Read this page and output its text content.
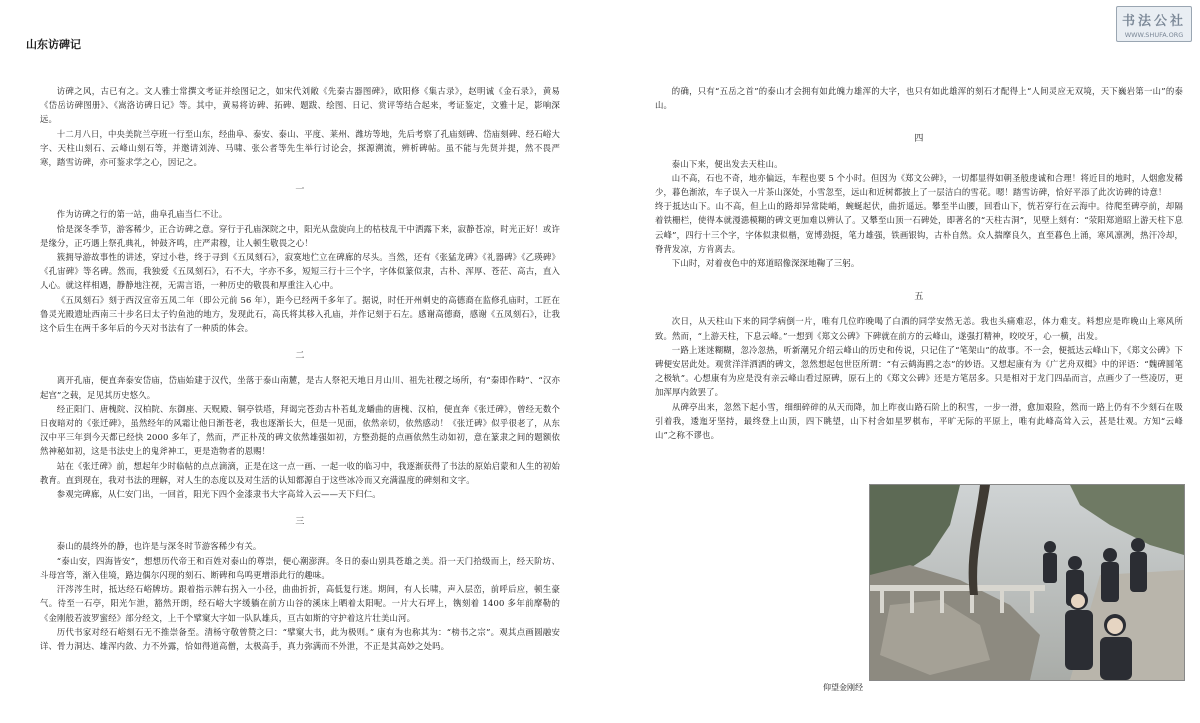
书法公社
WWW.SHUFA.ORG
山东访碑记

访碑之风，古已有之。文人雅士常撰文考证并绘图记之，如宋代刘敞《先秦古器图碑》，欧阳修《集古录》，赵明诚《金石录》，黄易《岱岳访碑图册》、《嵩洛访碑日记》等。其中，黄易将访碑、拓碑、题跋、绘图、日记、赏评等结合起来，考证鉴定，文雅十足，影响深远。

十二月八日，中央美院兰亭班一行至山东，经曲阜、泰安、泰山、平度、莱州、潍坊等地，先后考察了孔庙刻碑、岱庙刻碑、经石峪大字、天柱山刻石、云峰山刻石等，并邀请刘涛、马啸、张公者等先生举行讨论会，探源溯流，辨析碑帖。虽不能与先贤并提，然不畏严寒，踏雪访碑，亦可鉴求学之心，因记之。

一

作为访碑之行的第一站，曲阜孔庙当仁不让。

恰是深冬季节，游客稀少，正合访碑之意。穿行于孔庙深院之中，阳光从盘旋向上的枯枝乱干中洒露下来，寂静苍凉，时光正好！或许是缘分，正巧遇上祭孔典礼，钟鼓齐鸣，庄严肃穆，让人顿生敬畏之心！

簇拥导游故事性的讲述，穿过小巷，终于寻到《五凤刻石》，寂寞地伫立在碑廊的尽头。当然，还有《张猛龙碑》《礼器碑》《乙瑛碑》《孔宙碑》等名碑。然而，我独爱《五凤刻石》，石不大，字亦不多，短短三行十三个字，字体似篆似隶，古朴、浑厚、苍茫、高古，直入人心。就这样相遇，静静地注视，无需言语，一种历史的敬畏和厚重注入心中。

《五凤刻石》刻于西汉宣帝五凤二年（即公元前 56 年），距今已经两千多年了。据说，时任开州刺史的高德裔在监修孔庙时，工匠在鲁灵光殿遗址西南三十步名曰太子钓鱼池的地方，发现此石，高氏将其移入孔庙，并作记刻于石左。感谢高德裔，感谢《五凤刻石》，让我这个后生在两千多年后的今天对书法有了一种质的体会。

二

离开孔庙，便直奔泰安岱庙，岱庙始建于汉代，坐落于泰山南麓，是古人祭祀天地日月山川、祖先社稷之场所，有“秦即作畤”、“汉亦起宫”之载，足见其历史悠久。

经正阳门、唐槐院、汉柏院、东御座、天贶殿、铜亭铁塔，拜谒完苍劲古朴若虬龙蟠曲的唐槐、汉柏，便直奔《张迁碑》，曾经无数个日夜暗对的《张迁碑》，虽然经年的风霜让他日渐苍老，我也逐渐长大，但是一见面，依然亲切，依然感动！《张迁碑》似乎很老了，从东汉中平三年到今天都已经快 2000 多年了，然而，严正朴茂的碑文依然雄强如初，方整劲挺的点画依然生动如初，意在篆隶之间的题额依然神秘如初，这是书法史上的鬼斧神工，更是造物者的恩赐！

站在《张迁碑》前，想起年少时临帖的点点滴滴，正是在这一点一画、一起一收的临习中，我逐渐获得了书法的原始启蒙和人生的初始教育。直到现在，我对书法的理解，对人生的态度以及对生活的认知都源自于这些冰冷而又充满温度的碑刻和文字。

参观完碑廊，从仁安门出，一回首，阳光下四个金漆隶书大字高耸入云——天下归仁。

三

泰山的晨终外的静，也许是与深冬时节游客稀少有关。

“泰山安，四海皆安”，想想历代帝王和百姓对泰山的尊崇，便心潮澎湃。冬日的泰山别具苍雄之美。沿一天门拾级而上，经天阶坊、斗母宫等，渐入佳境，路边偶尔闪现的刻石、断碑和鸟鸣更增添此行的趣味。

汗涔涔生时，抵达经石峪牌坊。跟着指示牌右拐入一小径，曲曲折折，高低复行迷。期间，有人长啸，声入层峦，前呼后应，顿生豪气。待至一石亭，阳光乍泄，豁然开朗，经石峪大字缓躺在前方山谷的溪床上晒着太阳呢。一片大石坪上，镌刻着 1400 多年前摩勒的《金刚般若波罗蜜经》部分经文，上千个擘窠大字如一队队雄兵，亘古如斯的守护着这片壮美山河。

历代书家对经石峪刻石无不推崇备至。清杨守敬曾赞之曰：“擘窠大书，此为极则。” 康有为也称其为：“榜书之宗”。观其点画圆融安详、骨力洞达、雄浑内敛、力不外露，恰如得道高僧，太极高手，真力弥满而不外泄，不正是其高妙之处吗。

的确，只有“五岳之首”的泰山才会拥有如此魄力雄浑的大字，也只有如此雄浑的刻石才配得上“人间灵应无双境，天下巍岩第一山”的泰山。

四

泰山下来，便出发去天柱山。

山不高，石也不奇，地亦偏远，车程也要 5 个小时。但因为《郑文公碑》，一切都显得如朝圣般虔诚和合理！将近目的地时，人烟愈发稀少，暮色渐浓，车子误入一片茶山深处，小雪忽至，远山和近树都披上了一层洁白的雪花。嗯！踏雪访碑，恰好平添了此次访碑的诗意！

终于抵达山下。山不高，但上山的路却异常陡峭，蜿蜒起伏，曲折遥远。攀至半山腰，回看山下，恍若穿行在云海中。待爬至碑亭前，却隔着铁栅栏，使得本就漫漶模糊的碑文更加难以辨认了。又攀至山顶一石碑处，即著名的“天柱古洞”，见壁上刻有：“荥阳郑道昭上游天柱下息云峰”，四行十三个字，字体似隶似楷，宽博劲挺，笔力雄强，铁画银钩，古朴自然。众人揣摩良久，直至暮色上涌，寒风凛冽，热汗冷却，脊背发凉，方肯离去。

下山时，对着夜色中的郑道昭像深深地鞠了三躬。

五

次日，从天柱山下来的同学病倒一片，唯有几位昨晚喝了白酒的同学安然无恙。我也头痛难忍，体力难支。料想应是昨晚山上寒风所致。然而，“上游天柱，下息云峰。”一想到《郑文公碑》下碑就在前方的云峰山，遂强打精神，咬咬牙，心一横，出发。

一路上迷迷糊糊，忽冷忽热，听新潮兄介绍云峰山的历史和传说，只记住了“笔架山”的故事。不一会，便抵达云峰山下，《郑文公碑》下碑便安居此处。观赏洋洋洒洒的碑文，忽然想起包世臣所谓：“有云鹤海鸥之态”的妙语。又想起康有为《广艺舟双楫》中的评语：“魏碑圆笔之极轨”。心想康有为应是没有亲云峰山看过原碑，原石上的《郑文公碑》还是方笔居多。只是相对于龙门四品而言，点画少了一些凌厉，更加浑厚内敛罢了。

从碑亭出来，忽然下起小雪，细细碎碎的从天而降，加上昨夜山路石阶上的积雪，一步一滑，愈加艰险，然而一路上仍有不少刻石在吸引着我，逶迤牙坚持，最终登上山顶，四下眺望，山下村舍如星罗棋布，平旷无际的平原上，唯有此峰高耸入云，甚是壮观。方知“云峰山”之称不谬也。

仰望金刚经
